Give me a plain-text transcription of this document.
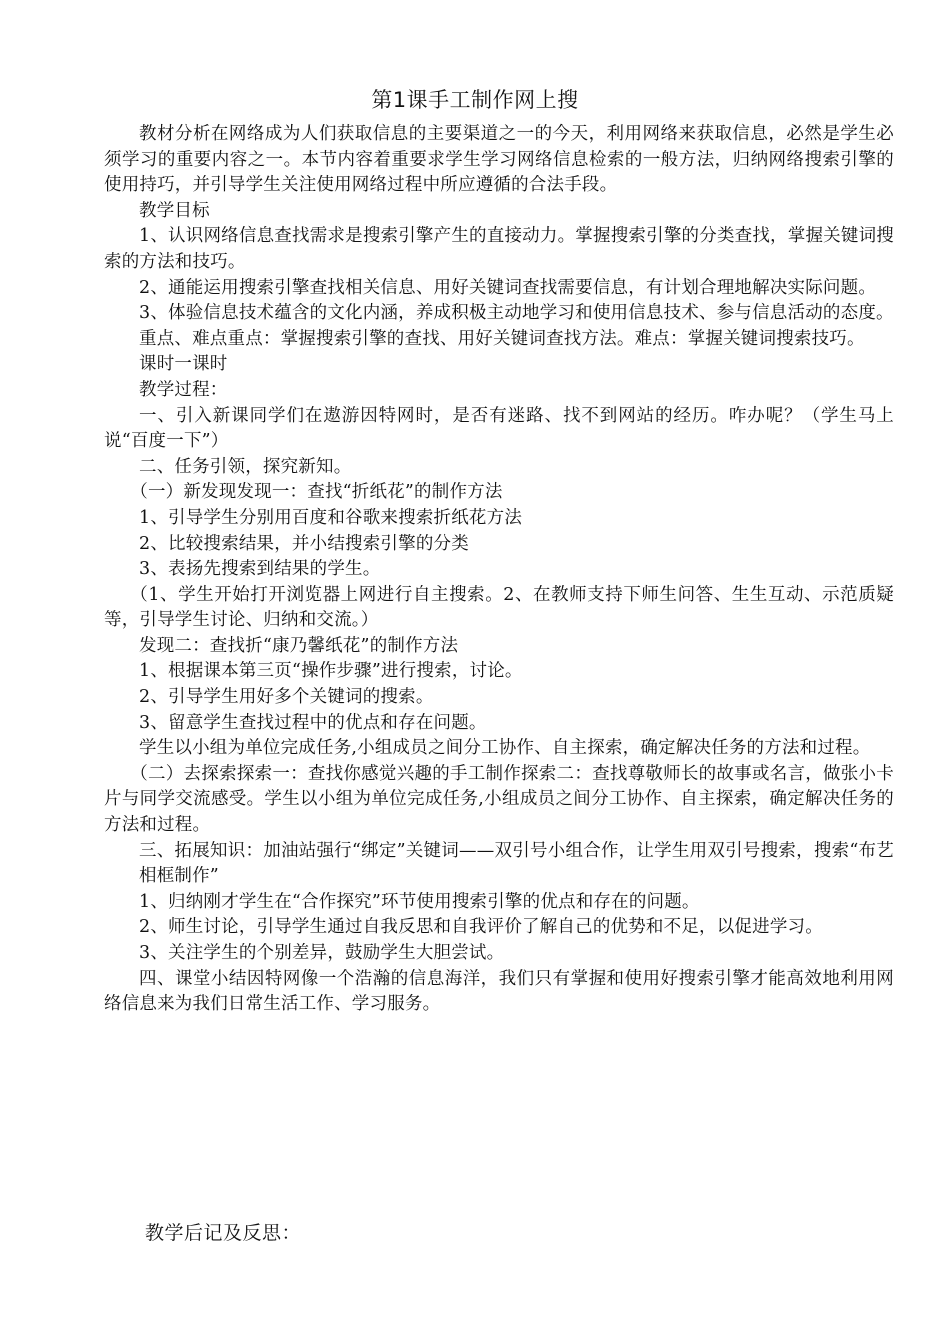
第1课手工制作网上搜

教材分析在网络成为人们获取信息的主要渠道之一的今天，利用网络来获取信息，必然是学生必须学习的重要内容之一。本节内容着重要求学生学习网络信息检索的一般方法，归纳网络搜索引擎的使用持巧，并引导学生关注使用网络过程中所应遵循的合法手段。

教学目标

1、认识网络信息查找需求是搜索引擎产生的直接动力。掌握搜索引擎的分类查找，掌握关键词搜索的方法和技巧。

2、通能运用搜索引擎查找相关信息、用好关键词查找需要信息，有计划合理地解决实际问题。

3、体验信息技术蕴含的文化内涵，养成积极主动地学习和使用信息技术、参与信息活动的态度。

重点、难点重点：掌握搜索引擎的查找、用好关键词查找方法。难点：掌握关键词搜索技巧。

课时一课时

教学过程：

一、引入新课同学们在遨游因特网时，是否有迷路、找不到网站的经历。咋办呢？（学生马上说“百度一下”）

二、任务引领，探究新知。

（一）新发现发现一：查找“折纸花”的制作方法

1、引导学生分别用百度和谷歌来搜索折纸花方法

2、比较搜索结果，并小结搜索引擎的分类

3、表扬先搜索到结果的学生。

（1、学生开始打开浏览器上网进行自主搜索。2、在教师支持下师生问答、生生互动、示范质疑等，引导学生讨论、归纳和交流。）

发现二：查找折“康乃馨纸花”的制作方法

1、根据课本第三页“操作步骤”进行搜索，讨论。

2、引导学生用好多个关键词的搜索。

3、留意学生查找过程中的优点和存在问题。

学生以小组为单位完成任务,小组成员之间分工协作、自主探索，确定解决任务的方法和过程。

（二）去探索探索一：查找你感觉兴趣的手工制作探索二：查找尊敬师长的故事或名言，做张小卡片与同学交流感受。学生以小组为单位完成任务,小组成员之间分工协作、自主探索，确定解决任务的方法和过程。

三、拓展知识：加油站强行“绑定”关键词——双引号小组合作，让学生用双引号搜索，搜索“布艺相框制作”

1、归纳刚才学生在“合作探究”环节使用搜索引擎的优点和存在的问题。

2、师生讨论，引导学生通过自我反思和自我评价了解自己的优势和不足，以促进学习。

3、关注学生的个别差异，鼓励学生大胆尝试。

四、课堂小结因特网像一个浩瀚的信息海洋，我们只有掌握和使用好搜索引擎才能高效地利用网络信息来为我们日常生活工作、学习服务。

教学后记及反思：
